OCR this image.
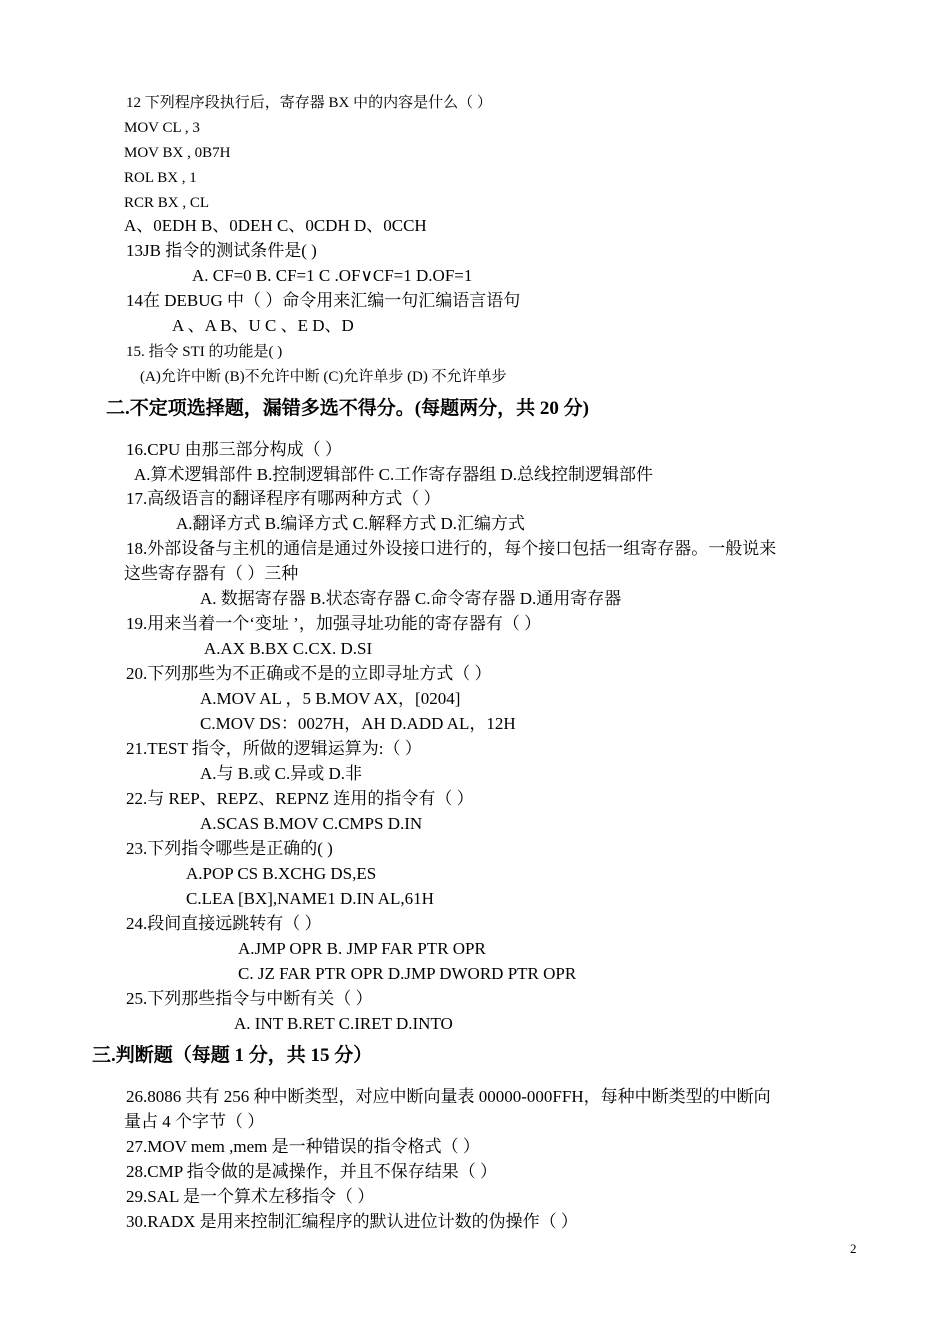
12 下列程序段执行后，寄存器 BX 中的内容是什么（ ）
MOV CL , 3
MOV BX , 0B7H
ROL BX , 1
RCR BX , CL
A、0EDH B、0DEH C、0CDH D、0CCH
13JB 指令的测试条件是( )
A. CF=0 B. CF=1 C .OF∨CF=1 D.OF=1
14在 DEBUG 中（ ）命令用来汇编一句汇编语言语句
A 、A B、U C 、E D、D
15. 指令 STI 的功能是( )
(A)允许中断 (B)不允许中断 (C)允许单步 (D) 不允许单步
二.不定项选择题，漏错多选不得分。(每题两分，共 20 分)
16.CPU 由那三部分构成（ ）
A.算术逻辑部件 B.控制逻辑部件 C.工作寄存器组 D.总线控制逻辑部件
17.高级语言的翻译程序有哪两种方式（ ）
A.翻译方式 B.编译方式 C.解释方式 D.汇编方式
18.外部设备与主机的通信是通过外设接口进行的，每个接口包括一组寄存器。一般说来
这些寄存器有（ ）三种
A. 数据寄存器 B.状态寄存器 C.命令寄存器 D.通用寄存器
19.用来当着一个‘变址 ’，加强寻址功能的寄存器有（ ）
A.AX B.BX C.CX. D.SI
20.下列那些为不正确或不是的立即寻址方式（ ）
A.MOV AL ，5 B.MOV AX，[0204]
C.MOV DS：0027H，AH D.ADD AL，12H
21.TEST 指令，所做的逻辑运算为:（ ）
A.与 B.或 C.异或 D.非
22.与 REP、REPZ、REPNZ 连用的指令有（ ）
A.SCAS B.MOV C.CMPS D.IN
23.下列指令哪些是正确的( )
A.POP CS B.XCHG DS,ES
C.LEA [BX],NAME1 D.IN AL,61H
24.段间直接远跳转有（ ）
A.JMP OPR B. JMP FAR PTR OPR
C. JZ FAR PTR OPR D.JMP DWORD PTR OPR
25.下列那些指令与中断有关（ ）
A. INT B.RET C.IRET D.INTO
三.判断题（每题 1 分，共 15 分）
26.8086 共有 256 种中断类型，对应中断向量表 00000-000FFH，每种中断类型的中断向
量占 4 个字节（ ）
27.MOV mem ,mem 是一种错误的指令格式（ ）
28.CMP 指令做的是减操作，并且不保存结果（ ）
29.SAL 是一个算术左移指令（ ）
30.RADX 是用来控制汇编程序的默认进位计数的伪操作（ ）
2
